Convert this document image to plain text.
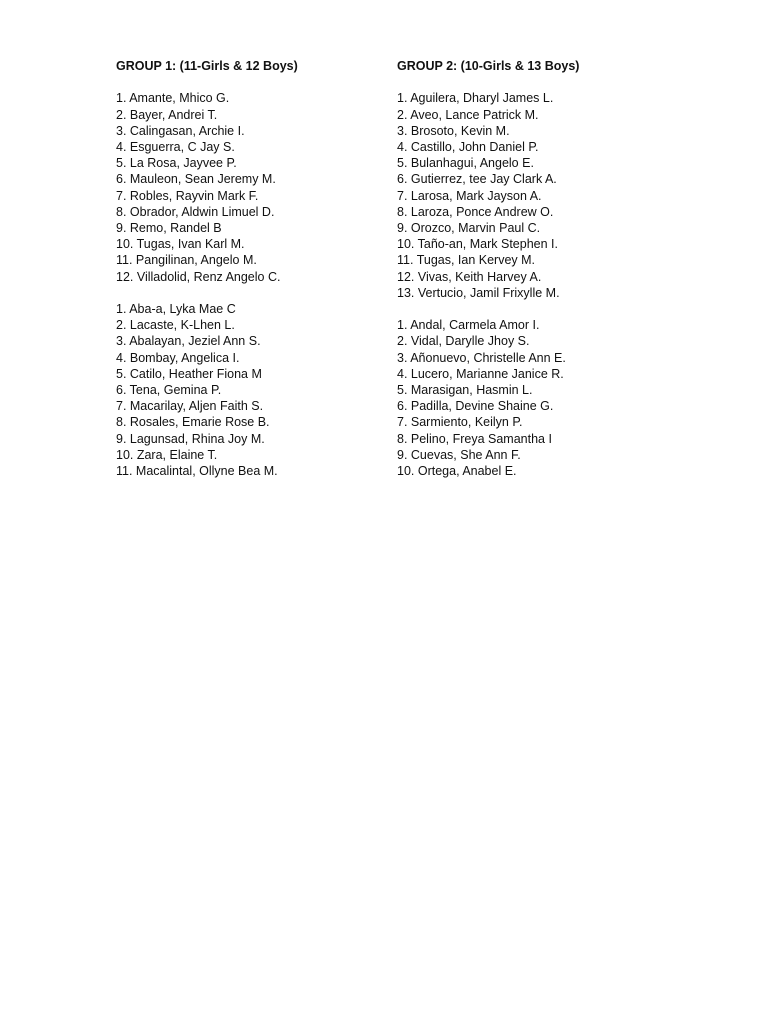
GROUP 1: (11-Girls & 12 Boys)

1. Amante, Mhico G.
2. Bayer, Andrei T.
3. Calingasan, Archie I.
4. Esguerra, C Jay S.
5. La Rosa, Jayvee P.
6. Mauleon, Sean Jeremy M.
7. Robles, Rayvin Mark F.
8. Obrador, Aldwin Limuel D.
9. Remo, Randel B
10. Tugas, Ivan Karl M.
11. Pangilinan, Angelo M.
12. Villadolid, Renz Angelo C.
1. Aba-a, Lyka Mae C
2. Lacaste, K-Lhen L.
3. Abalayan, Jeziel Ann S.
4. Bombay, Angelica I.
5. Catilo, Heather Fiona M
6. Tena, Gemina P.
7. Macarilay, Aljen Faith S.
8. Rosales, Emarie Rose B.
9. Lagunsad, Rhina Joy M.
10. Zara, Elaine T.
11. Macalintal, Ollyne Bea M.

GROUP 2: (10-Girls & 13 Boys)

1. Aguilera, Dharyl James L.
2. Aveo, Lance Patrick M.
3. Brosoto, Kevin M.
4. Castillo, John Daniel P.
5. Bulanhagui, Angelo E.
6. Gutierrez, tee Jay Clark A.
7. Larosa, Mark Jayson A.
8. Laroza, Ponce Andrew O.
9. Orozco, Marvin Paul C.
10. Taño-an, Mark Stephen I.
11. Tugas, Ian Kervey M.
12. Vivas, Keith Harvey A.
13. Vertucio, Jamil Frixylle M.
1. Andal, Carmela Amor I.
2. Vidal, Darylle Jhoy S.
3. Añonuevo, Christelle Ann E.
4. Lucero, Marianne Janice R.
5. Marasigan, Hasmin L.
6. Padilla, Devine Shaine G.
7. Sarmiento, Keilyn P.
8. Pelino, Freya Samantha I
9. Cuevas, She Ann F.
10. Ortega, Anabel E.
